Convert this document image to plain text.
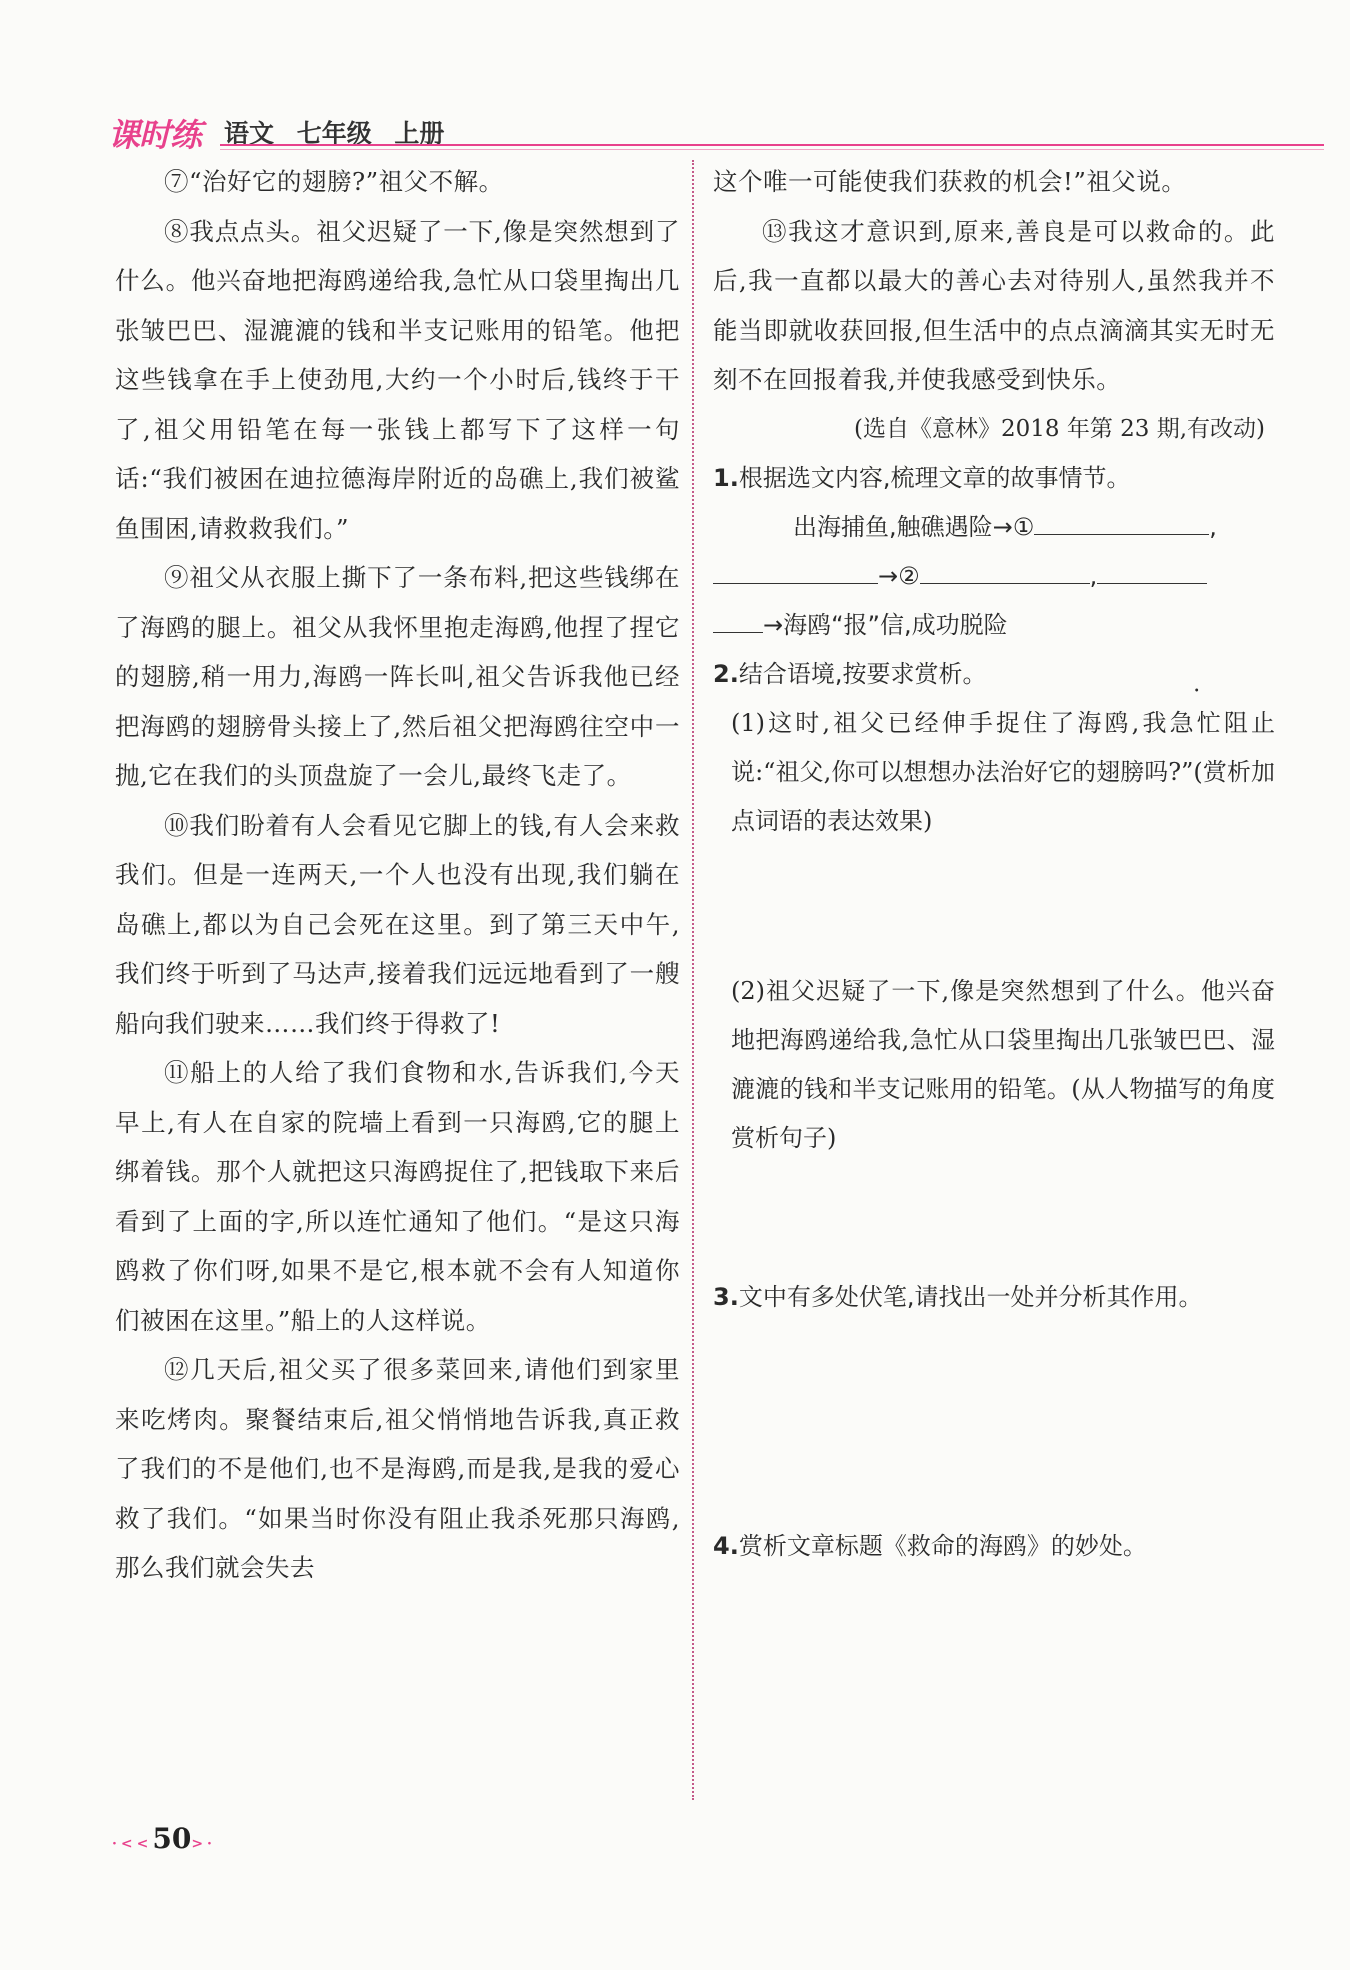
课时练 语文 七年级 上册

⑦“治好它的翅膀?”祖父不解。

⑧我点点头。祖父迟疑了一下,像是突然想到了什么。他兴奋地把海鸥递给我,急忙从口袋里掏出几张皱巴巴、湿漉漉的钱和半支记账用的铅笔。他把这些钱拿在手上使劲甩,大约一个小时后,钱终于干了,祖父用铅笔在每一张钱上都写下了这样一句话:“我们被困在迪拉德海岸附近的岛礁上,我们被鲨鱼围困,请救救我们。”

⑨祖父从衣服上撕下了一条布料,把这些钱绑在了海鸥的腿上。祖父从我怀里抱走海鸥,他捏了捏它的翅膀,稍一用力,海鸥一阵长叫,祖父告诉我他已经把海鸥的翅膀骨头接上了,然后祖父把海鸥往空中一抛,它在我们的头顶盘旋了一会儿,最终飞走了。

⑩我们盼着有人会看见它脚上的钱,有人会来救我们。但是一连两天,一个人也没有出现,我们躺在岛礁上,都以为自己会死在这里。到了第三天中午,我们终于听到了马达声,接着我们远远地看到了一艘船向我们驶来……我们终于得救了!

⑪船上的人给了我们食物和水,告诉我们,今天早上,有人在自家的院墙上看到一只海鸥,它的腿上绑着钱。那个人就把这只海鸥捉住了,把钱取下来后看到了上面的字,所以连忙通知了他们。“是这只海鸥救了你们呀,如果不是它,根本就不会有人知道你们被困在这里。”船上的人这样说。

⑫几天后,祖父买了很多菜回来,请他们到家里来吃烤肉。聚餐结束后,祖父悄悄地告诉我,真正救了我们的不是他们,也不是海鸥,而是我,是我的爱心救了我们。“如果当时你没有阻止我杀死那只海鸥,那么我们就会失去

这个唯一可能使我们获救的机会!”祖父说。

⑬我这才意识到,原来,善良是可以救命的。此后,我一直都以最大的善心去对待别人,虽然我并不能当即就收获回报,但生活中的点点滴滴其实无时无刻不在回报着我,并使我感受到快乐。

(选自《意林》2018 年第 23 期,有改动)

1.根据选文内容,梳理文章的故事情节。

出海捕鱼,触礁遇险→①	,

→②	,

→海鸥“报”信,成功脱险

2.结合语境,按要求赏析。

(1)这时,祖父已经伸手捉住了海鸥,我急忙阻止说:“祖父,你可以想想办法治好它的翅膀吗?”(赏析加点词语的表达效果)

(2)祖父迟疑了一下,像是突然想到了什么。他兴奋地把海鸥递给我,急忙从口袋里掏出几张皱巴巴、湿漉漉的钱和半支记账用的铅笔。(从人物描写的角度赏析句子)

3.文中有多处伏笔,请找出一处并分析其作用。

4.赏析文章标题《救命的海鸥》的妙处。

·<<50>·
